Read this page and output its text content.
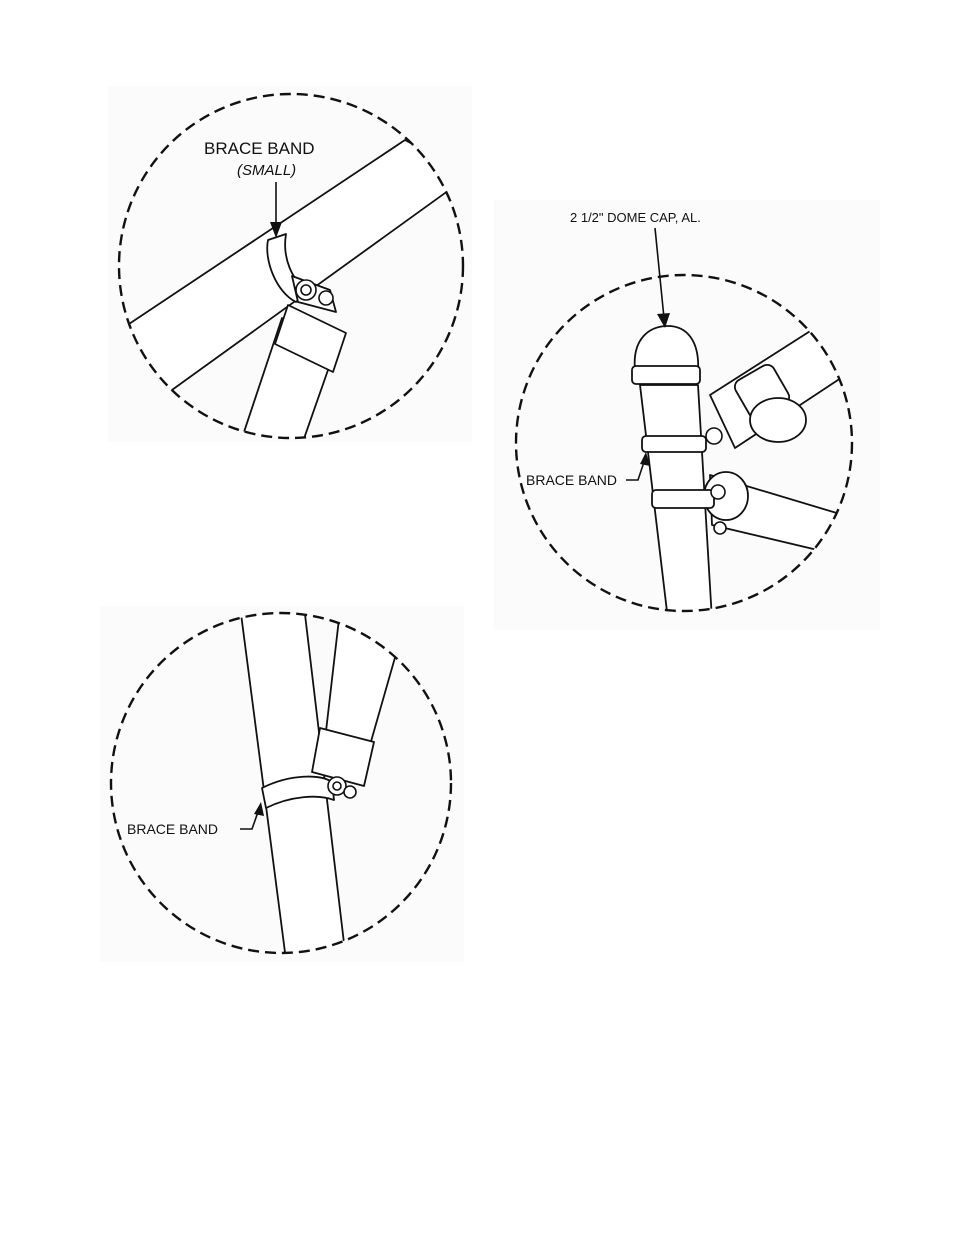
BRACE BAND
(SMALL)
2 1/2" DOME CAP, AL.
BRACE BAND
BRACE BAND
